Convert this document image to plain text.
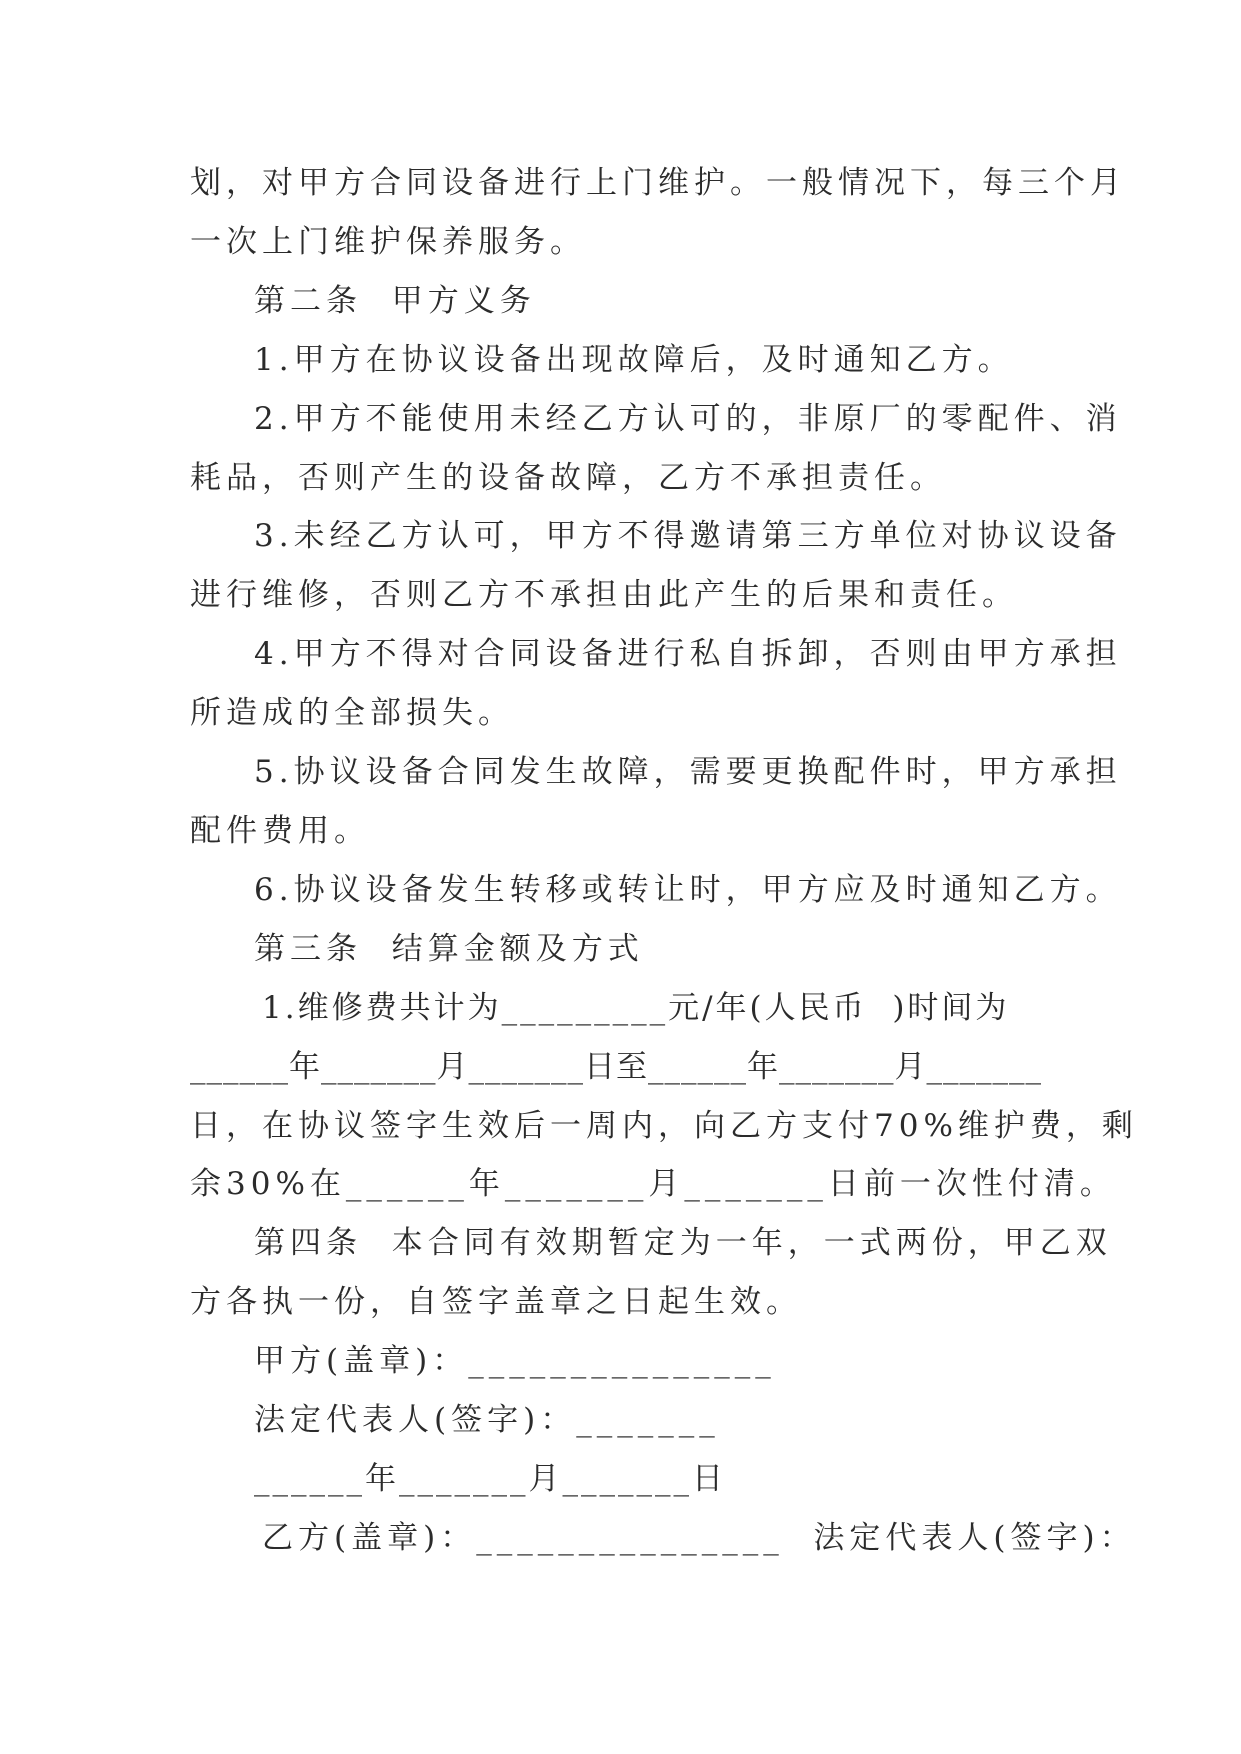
划，对甲方合同设备进行上门维护。一般情况下，每三个月
一次上门维护保养服务。
第二条  甲方义务
1.甲方在协议设备出现故障后，及时通知乙方。
2.甲方不能使用未经乙方认可的，非原厂的零配件、消
耗品，否则产生的设备故障，乙方不承担责任。
3.未经乙方认可，甲方不得邀请第三方单位对协议设备
进行维修，否则乙方不承担由此产生的后果和责任。
4.甲方不得对合同设备进行私自拆卸，否则由甲方承担
所造成的全部损失。
5.协议设备合同发生故障，需要更换配件时，甲方承担
配件费用。
6.协议设备发生转移或转让时，甲方应及时通知乙方。
第三条  结算金额及方式
1.维修费共计为_________元/年(人民币  )时间为
______年_______月_______日至______年_______月_______
日，在协议签字生效后一周内，向乙方支付70%维护费，剩
余30%在______年_______月_______日前一次性付清。
第四条  本合同有效期暂定为一年，一式两份，甲乙双
方各执一份，自签字盖章之日起生效。
甲方(盖章)：_______________
法定代表人(签字)：_______
______年_______月_______日
乙方(盖章)：_______________  法定代表人(签字)：
